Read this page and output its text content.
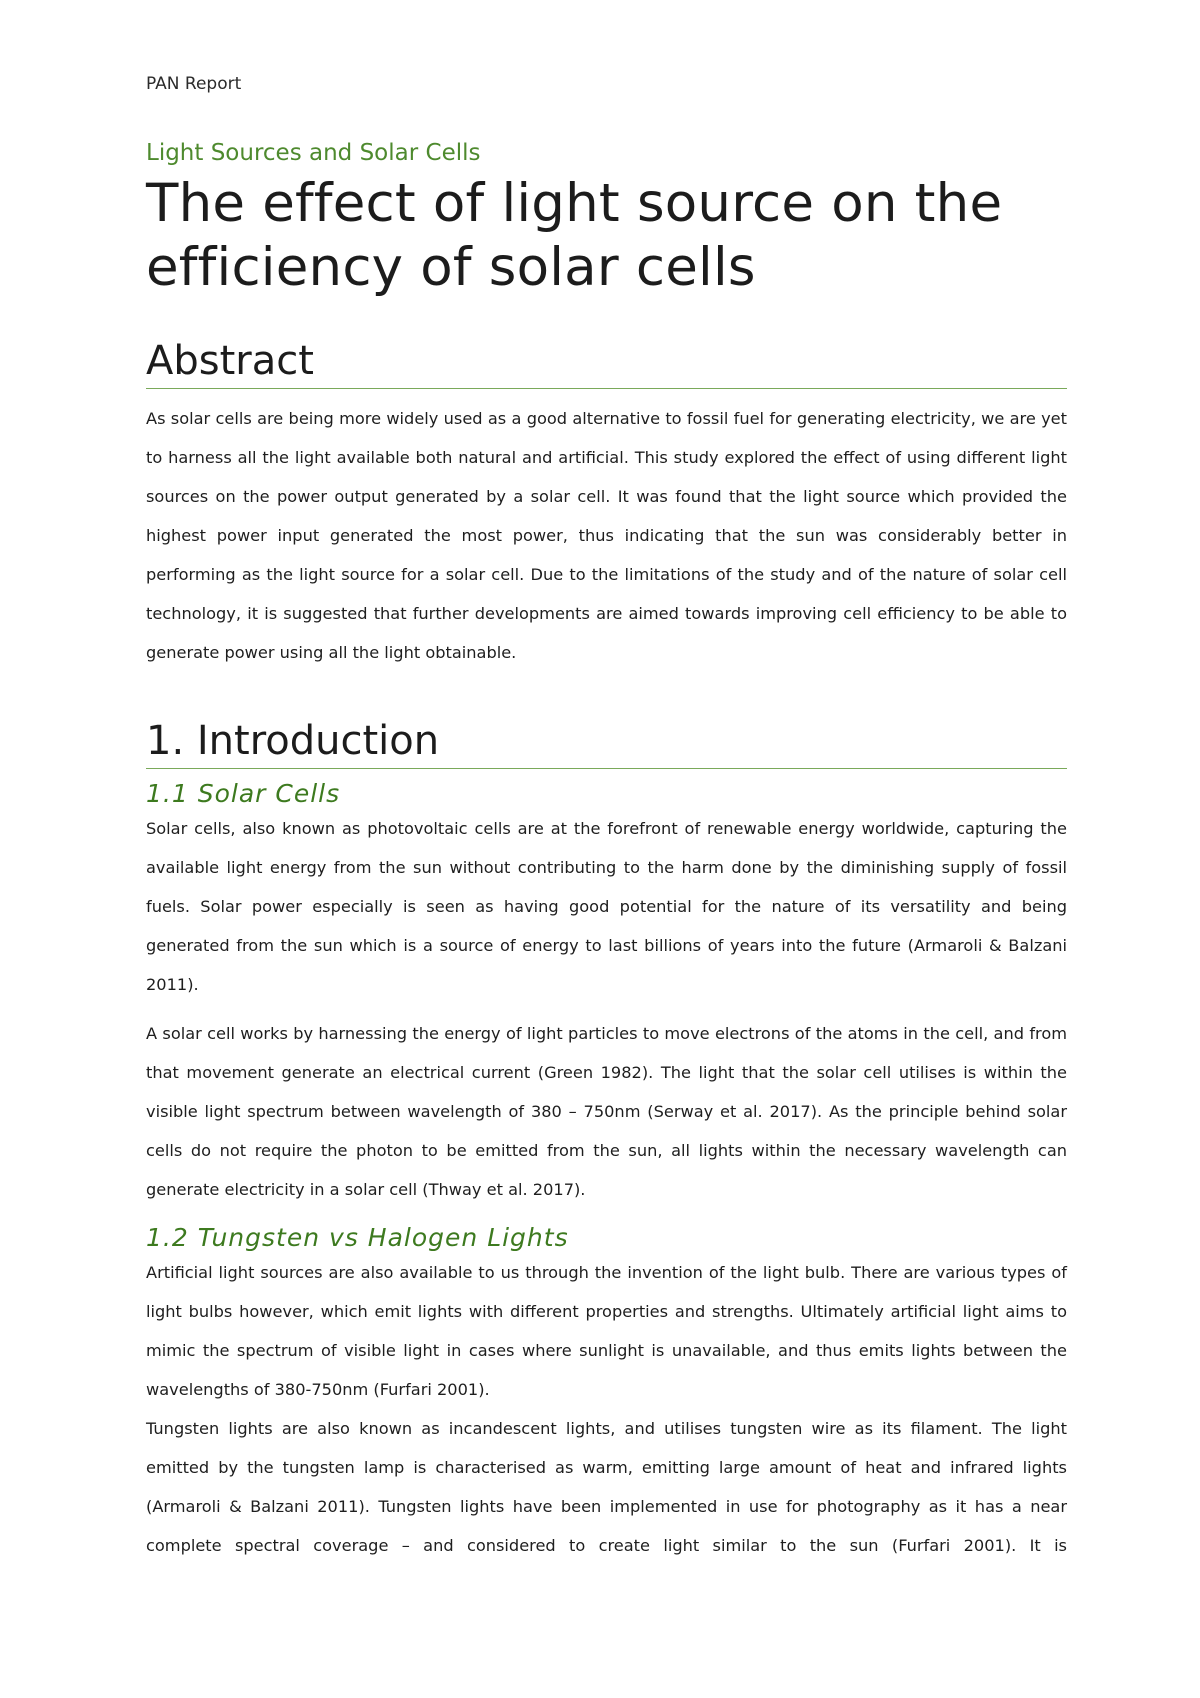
PAN Report
Light Sources and Solar Cells
The effect of light source on the efficiency of solar cells
Abstract

As solar cells are being more widely used as a good alternative to fossil fuel for generating electricity, we are yet to harness all the light available both natural and artificial. This study explored the effect of using different light sources on the power output generated by a solar cell. It was found that the light source which provided the highest power input generated the most power, thus indicating that the sun was considerably better in performing as the light source for a solar cell. Due to the limitations of the study and of the nature of solar cell technology, it is suggested that further developments are aimed towards improving cell efficiency to be able to generate power using all the light obtainable.

1. Introduction
1.1 Solar Cells

Solar cells, also known as photovoltaic cells are at the forefront of renewable energy worldwide, capturing the available light energy from the sun without contributing to the harm done by the diminishing supply of fossil fuels. Solar power especially is seen as having good potential for the nature of its versatility and being generated from the sun which is a source of energy to last billions of years into the future (Armaroli & Balzani 2011).

A solar cell works by harnessing the energy of light particles to move electrons of the atoms in the cell, and from that movement generate an electrical current (Green 1982). The light that the solar cell utilises is within the visible light spectrum between wavelength of 380 – 750nm (Serway et al. 2017). As the principle behind solar cells do not require the photon to be emitted from the sun, all lights within the necessary wavelength can generate electricity in a solar cell (Thway et al. 2017).

1.2 Tungsten vs Halogen Lights

Artificial light sources are also available to us through the invention of the light bulb. There are various types of light bulbs however, which emit lights with different properties and strengths. Ultimately artificial light aims to mimic the spectrum of visible light in cases where sunlight is unavailable, and thus emits lights between the wavelengths of 380-750nm (Furfari 2001).

Tungsten lights are also known as incandescent lights, and utilises tungsten wire as its filament. The light emitted by the tungsten lamp is characterised as warm, emitting large amount of heat and infrared lights (Armaroli & Balzani 2011). Tungsten lights have been implemented in use for photography as it has a near complete spectral coverage – and considered to create light similar to the sun (Furfari 2001). It is
